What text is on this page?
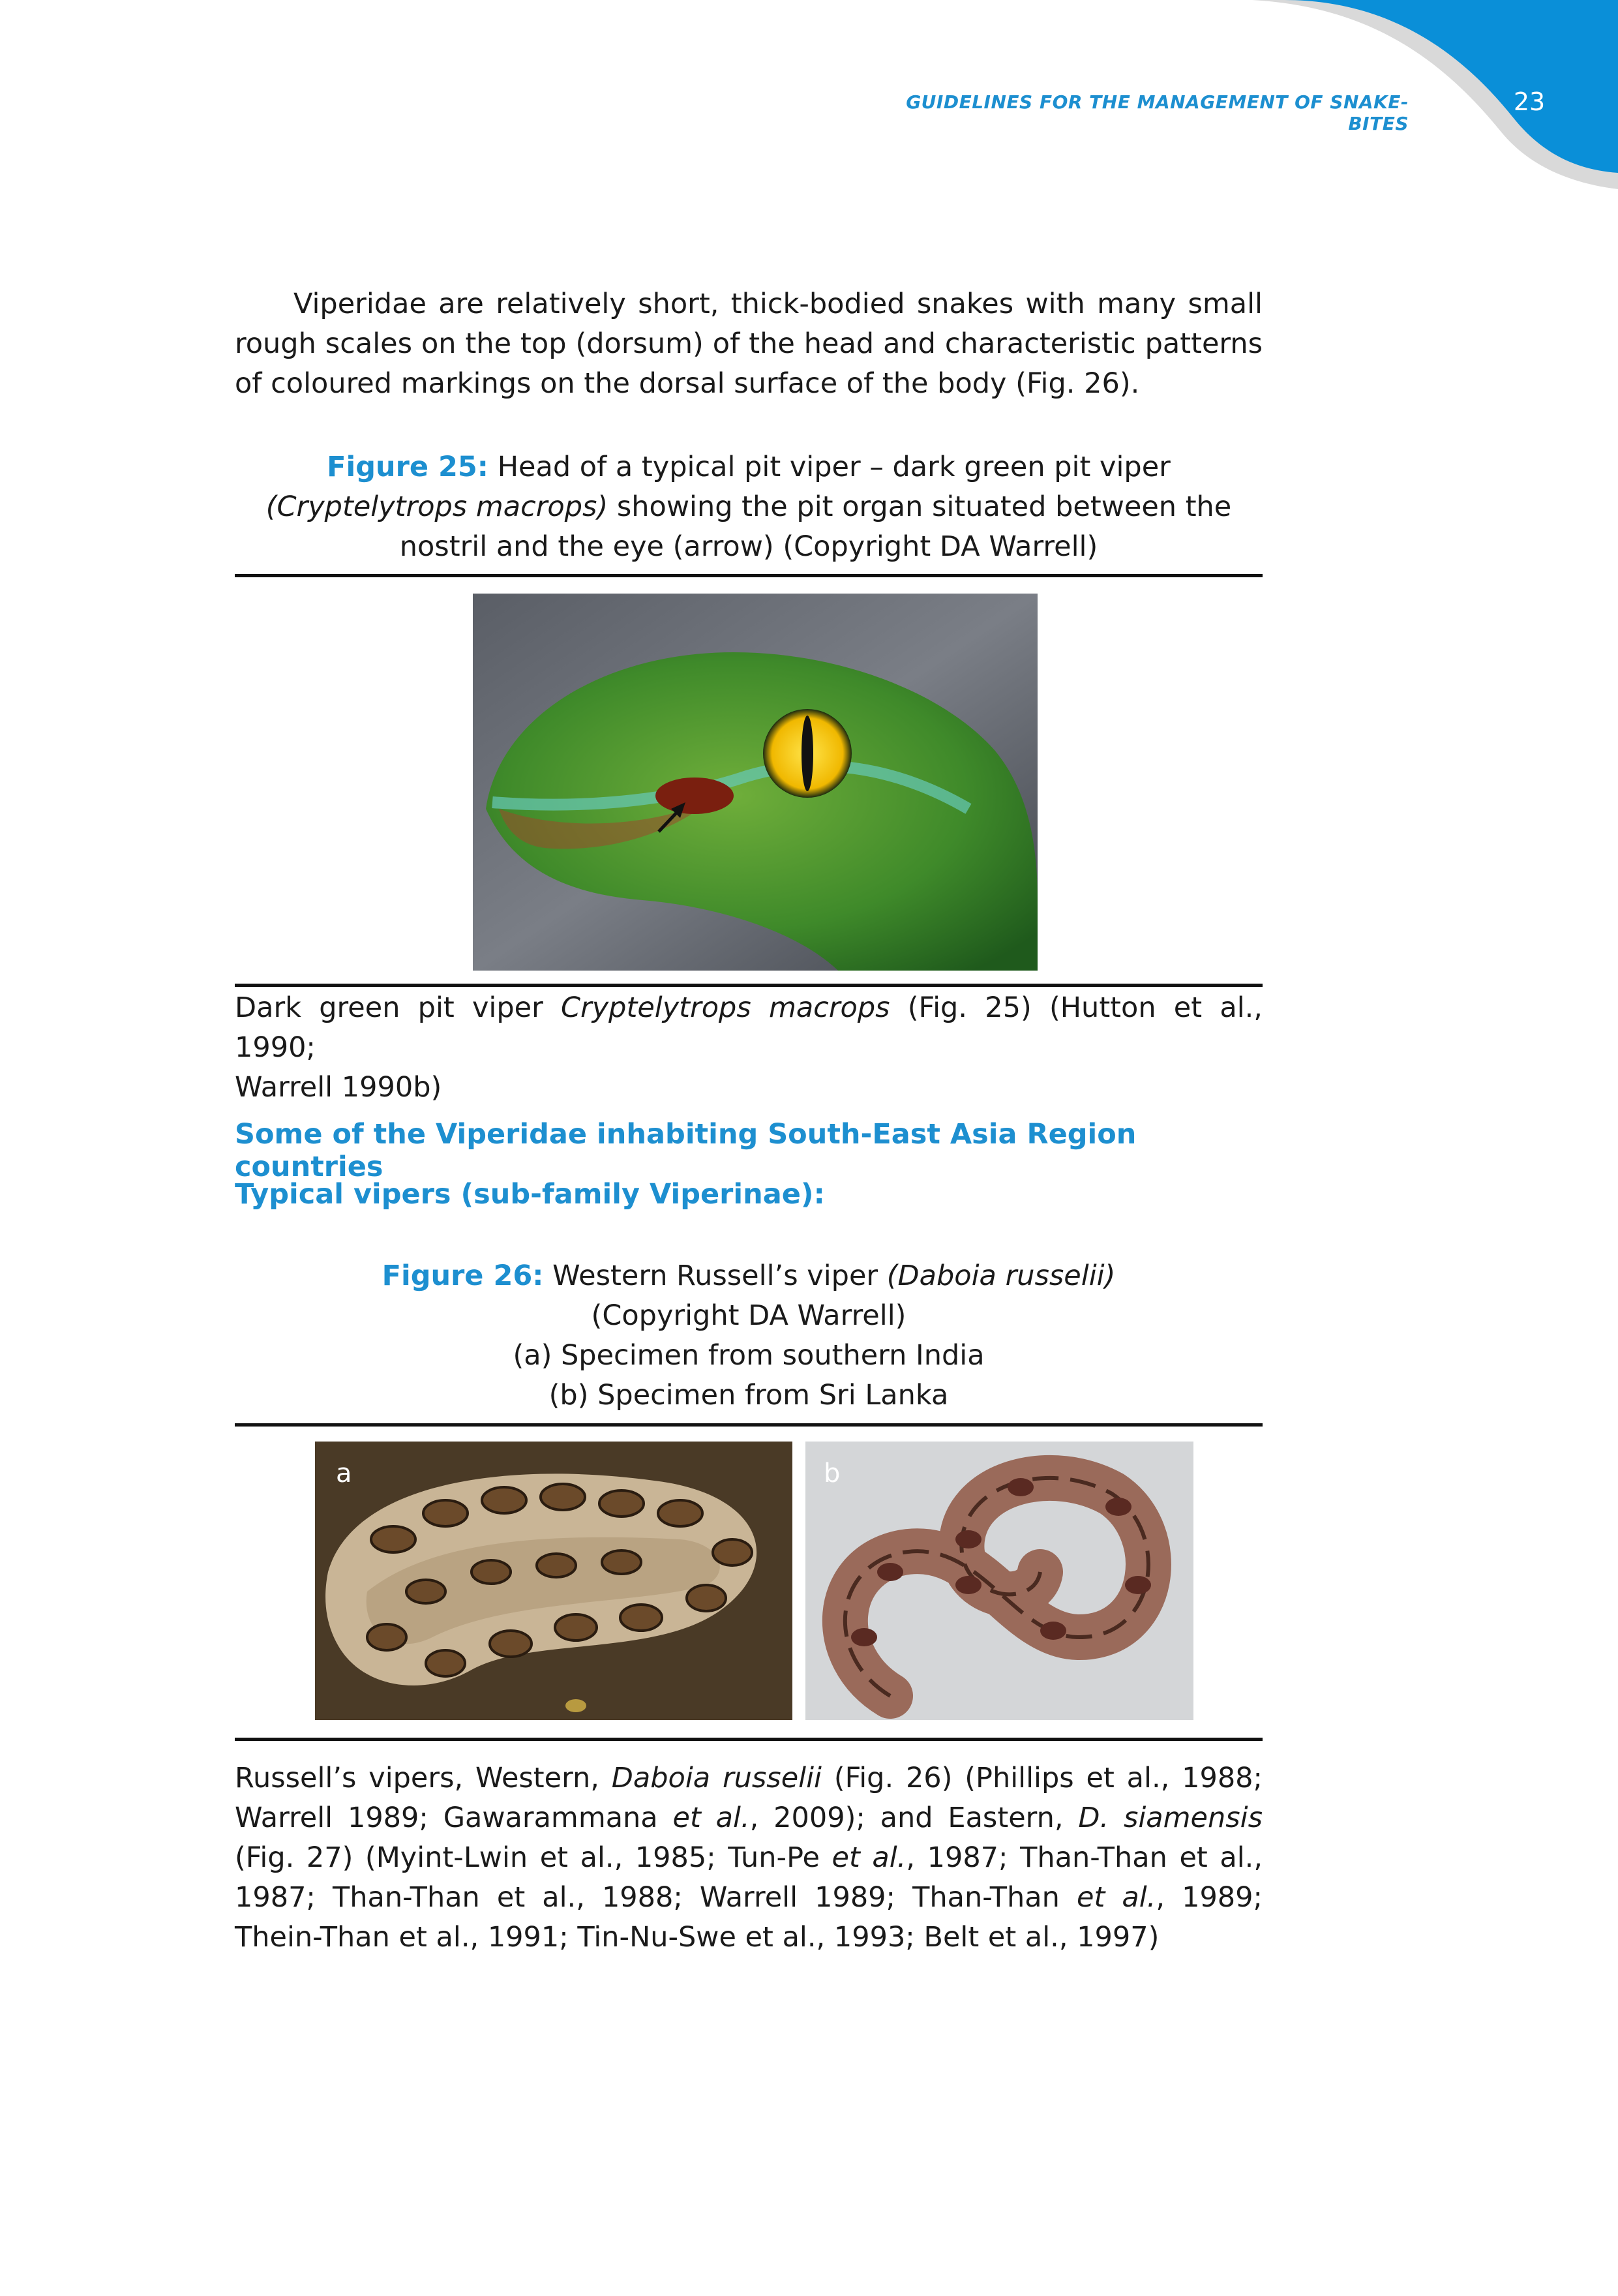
GUIDELINES FOR THE MANAGEMENT OF SNAKE-BITES
23
Viperidae are relatively short, thick-bodied snakes with many small rough scales on the top (dorsum) of the head and characteristic patterns of coloured markings on the dorsal surface of the body (Fig. 26).
Figure 25: Head of a typical pit viper – dark green pit viper
(Cryptelytrops macrops) showing the pit organ situated between the
nostril and the eye (arrow) (Copyright DA Warrell)
Dark green pit viper Cryptelytrops macrops (Fig. 25) (Hutton et al., 1990;
Warrell 1990b)
Some of the Viperidae inhabiting South-East Asia Region countries
Typical vipers (sub-family Viperinae):
Figure 26: Western Russell’s viper (Daboia russelii)
(Copyright DA Warrell)
(a) Specimen from southern India
(b) Specimen from Sri Lanka
a	b
Russell’s vipers, Western, Daboia russelii (Fig. 26) (Phillips et al., 1988; Warrell 1989; Gawarammana et al., 2009); and Eastern, D. siamensis (Fig. 27) (Myint-Lwin et al., 1985; Tun-Pe et al., 1987; Than-Than et al., 1987; Than-Than et al., 1988; Warrell 1989; Than-Than et al., 1989; Thein-Than et al., 1991; Tin-Nu-Swe et al., 1993; Belt et al., 1997)
